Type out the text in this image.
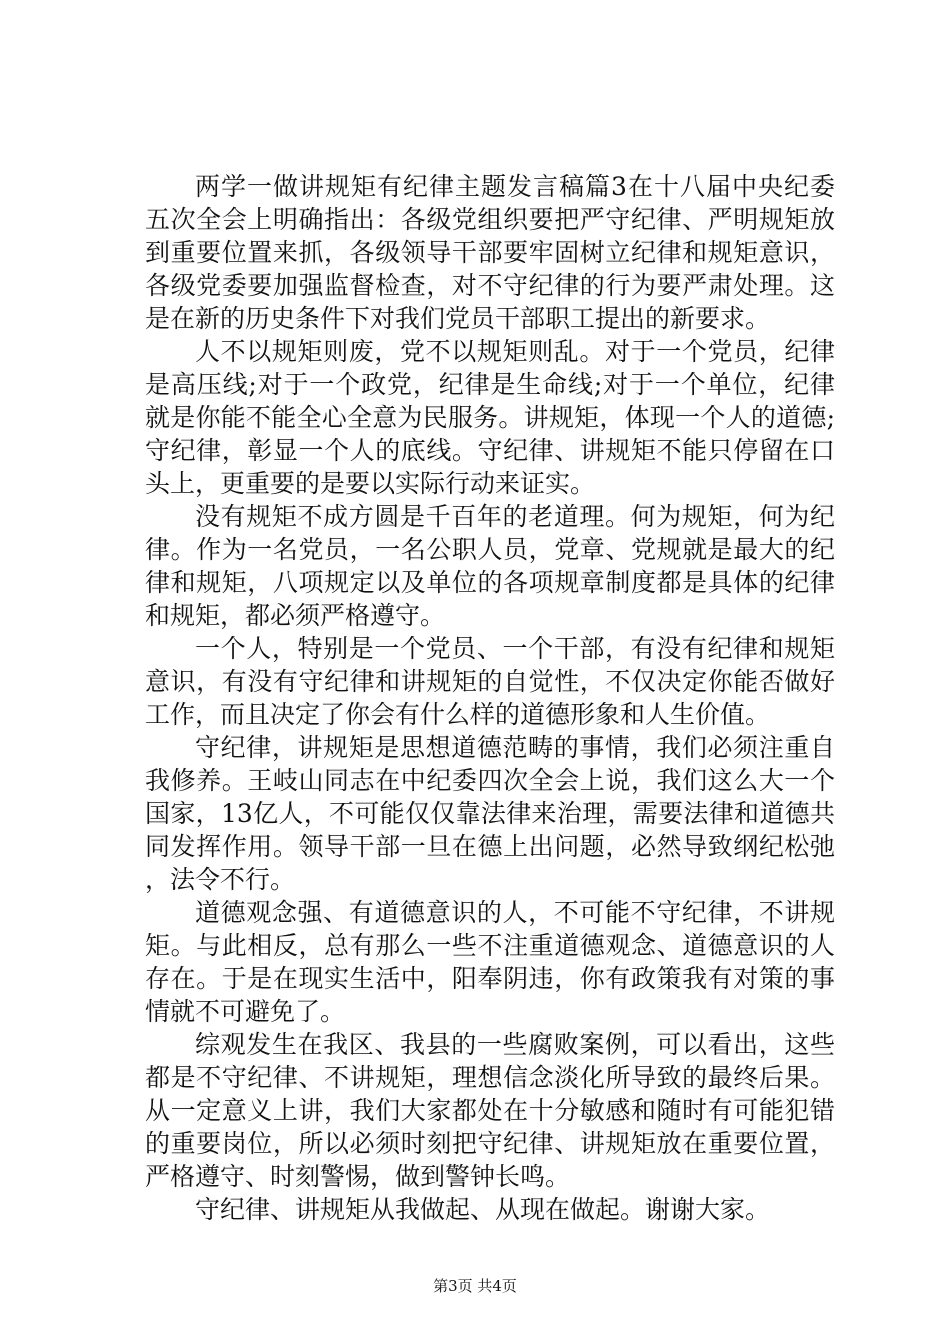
两学一做讲规矩有纪律主题发言稿篇3在十八届中央纪委五次全会上明确指出：各级党组织要把严守纪律、严明规矩放到重要位置来抓，各级领导干部要牢固树立纪律和规矩意识，各级党委要加强监督检查，对不守纪律的行为要严肃处理。这是在新的历史条件下对我们党员干部职工提出的新要求。

人不以规矩则废，党不以规矩则乱。对于一个党员，纪律是高压线;对于一个政党，纪律是生命线;对于一个单位，纪律就是你能不能全心全意为民服务。讲规矩，体现一个人的道德;守纪律，彰显一个人的底线。守纪律、讲规矩不能只停留在口头上，更重要的是要以实际行动来证实。

没有规矩不成方圆是千百年的老道理。何为规矩，何为纪律。作为一名党员，一名公职人员，党章、党规就是最大的纪律和规矩，八项规定以及单位的各项规章制度都是具体的纪律和规矩，都必须严格遵守。

一个人，特别是一个党员、一个干部，有没有纪律和规矩意识，有没有守纪律和讲规矩的自觉性，不仅决定你能否做好工作，而且决定了你会有什么样的道德形象和人生价值。

守纪律，讲规矩是思想道德范畴的事情，我们必须注重自我修养。王岐山同志在中纪委四次全会上说，我们这么大一个国家，13亿人，不可能仅仅靠法律来治理，需要法律和道德共同发挥作用。领导干部一旦在德上出问题，必然导致纲纪松弛，法令不行。

道德观念强、有道德意识的人，不可能不守纪律，不讲规矩。与此相反，总有那么一些不注重道德观念、道德意识的人存在。于是在现实生活中，阳奉阴违，你有政策我有对策的事情就不可避免了。

综观发生在我区、我县的一些腐败案例，可以看出，这些都是不守纪律、不讲规矩，理想信念淡化所导致的最终后果。从一定意义上讲，我们大家都处在十分敏感和随时有可能犯错的重要岗位，所以必须时刻把守纪律、讲规矩放在重要位置，严格遵守、时刻警惕，做到警钟长鸣。

守纪律、讲规矩从我做起、从现在做起。谢谢大家。

第3页 共4页
